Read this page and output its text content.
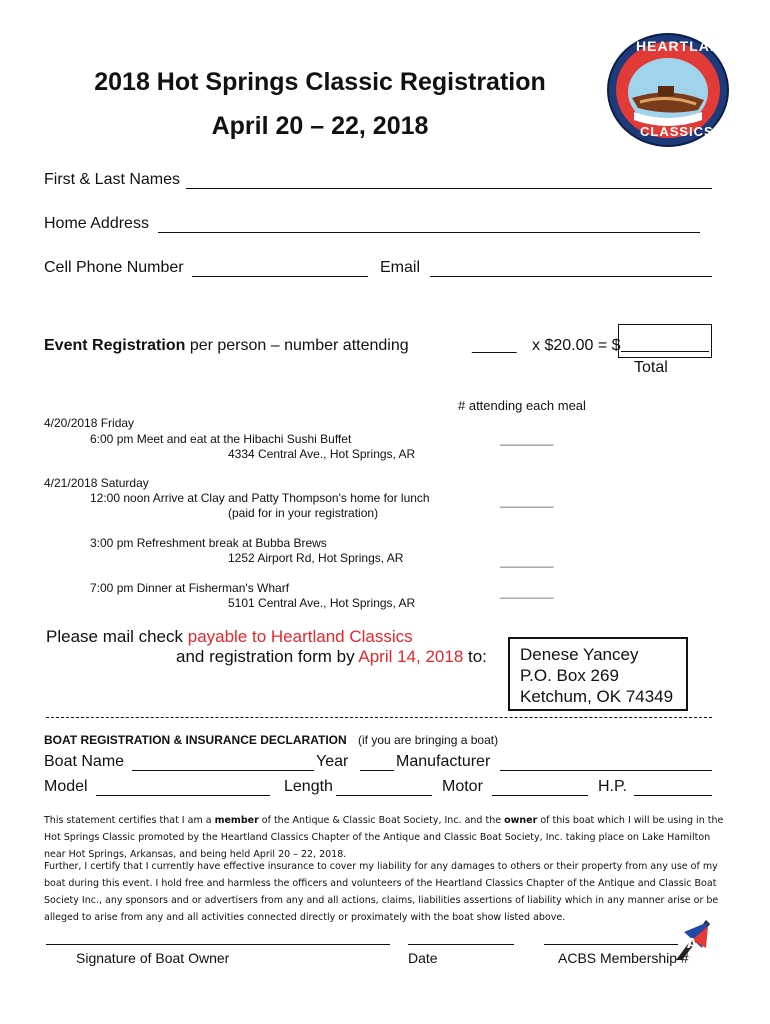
2018 Hot Springs Classic Registration
April 20 – 22, 2018
HEARTLAND
CLASSICS
First & Last Names
Home Address
Cell Phone Number	Email
Event Registration per person – number attending	_____ x $20.00 = $
Total
# attending each meal
4/20/2018 Friday
6:00 pm Meet and eat at the Hibachi Sushi Buffet
4334 Central Ave., Hot Springs, AR
________
4/21/2018 Saturday
12:00 noon Arrive at Clay and Patty Thompson's home for lunch
(paid for in your registration)
________
3:00 pm Refreshment break at Bubba Brews
1252 Airport Rd, Hot Springs, AR	________
7:00 pm Dinner at Fisherman's Wharf
5101 Central Ave., Hot Springs, AR
________
Please mail check payable to Heartland Classics
and registration form by April 14, 2018 to: Denese Yancey
P.O. Box 269
Ketchum, OK 74349
BOAT REGISTRATION & INSURANCE DECLARATION (if you are bringing a boat)
Boat Name	Year	Manufacturer
Model	Length	Motor	H.P.
This statement certifies that I am a member of the Antique & Classic Boat Society, Inc. and the owner of this boat which I will be using in the Hot Springs Classic promoted by the Heartland Classics Chapter of the Antique and Classic Boat Society, Inc. taking place on Lake Hamilton near Hot Springs, Arkansas, and being held April 20 – 22, 2018.
Further, I certify that I currently have effective insurance to cover my liability for any damages to others or their property from any use of my boat during this event. I hold free and harmless the officers and volunteers of the Heartland Classics Chapter of the Antique and Classic Boat Society Inc., any sponsors and or advertisers from any and all actions, claims, liabilities assertions of liability which in any manner arise or be alleged to arise from any and all activities connected directly or proximately with the boat show listed above.
A
Signature of Boat Owner	Date	ACBS Membership #
